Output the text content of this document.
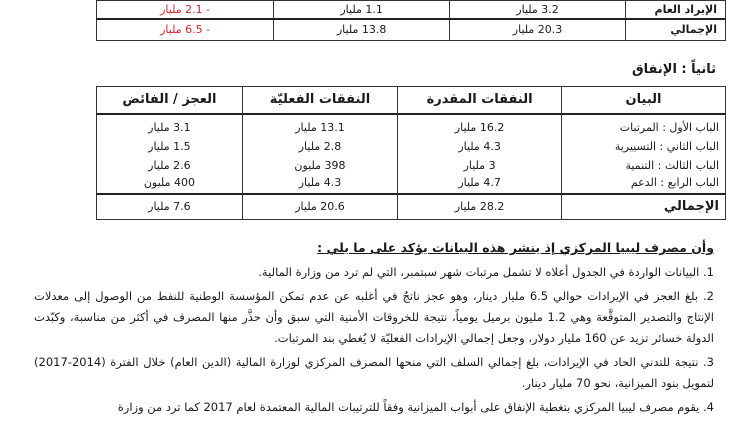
الإيراد العام	3.2 مليار	1.1 مليار	- 2.1 مليار
الإجمالي	20.3 مليار	13.8 مليار	- 6.5 مليار
ثانياً : الإنفاق
البيان	النفقات المقدرة	النفقات الفعليّة	العجز / الفائض
الباب الأول : المرتبات	16.2 مليار	13.1 مليار	3.1 مليار
الباب الثاني : التسييرية	4.3 مليار	2.8 مليار	1.5 مليار
الباب الثالث : التنمية	3 مليار	398 مليون	2.6 مليار
الباب الرابع : الدعم	4.7 مليار	4.3 مليار	400 مليون
الإجمالي	28.2 مليار	20.6 مليار	7.6 مليار
وأن مصرف ليبيا المركزي إذ ينشر هذه البيانات يؤكد على ما يلي :

1. البيانات الواردة في الجدول أعلاه لا تشمل مرتبات شهر سبتمبر، التي لم ترد من وزارة المالية.

2. بلغ العجز في الإيرادات حوالي 6.5 مليار دينار، وهو عجز ناتجٌ في أغلبه عن عدم تمكن المؤسسة الوطنية للنفط من الوصول إلى معدلات الإنتاج والتصدير المتوقَّعة وهي 1.2 مليون برميل يومياً، نتيجة للخروقات الأمنية التي سبق وأن حذَّر منها المصرف في أكثر من مناسبة، وكبّدت الدولة خسائر تزيد عن 160 مليار دولار، وجعل إجمالي الإيرادات الفعليّة لا يُغطي بند المرتبات.

3. نتيجة للتدني الحاد في الإيرادات، بلغ إجمالي السلف التي منحها المصرف المركزي لوزارة المالية (الدين العام) خلال الفترة (2014-2017) لتمويل بنود الميزانية، نحو 70 مليار دينار.

4. يقوم مصرف ليبيا المركزي بتغطية الإنفاق على أبواب الميزانية وفقاً للترتيبات المالية المعتمدة لعام 2017 كما ترد من وزارة
